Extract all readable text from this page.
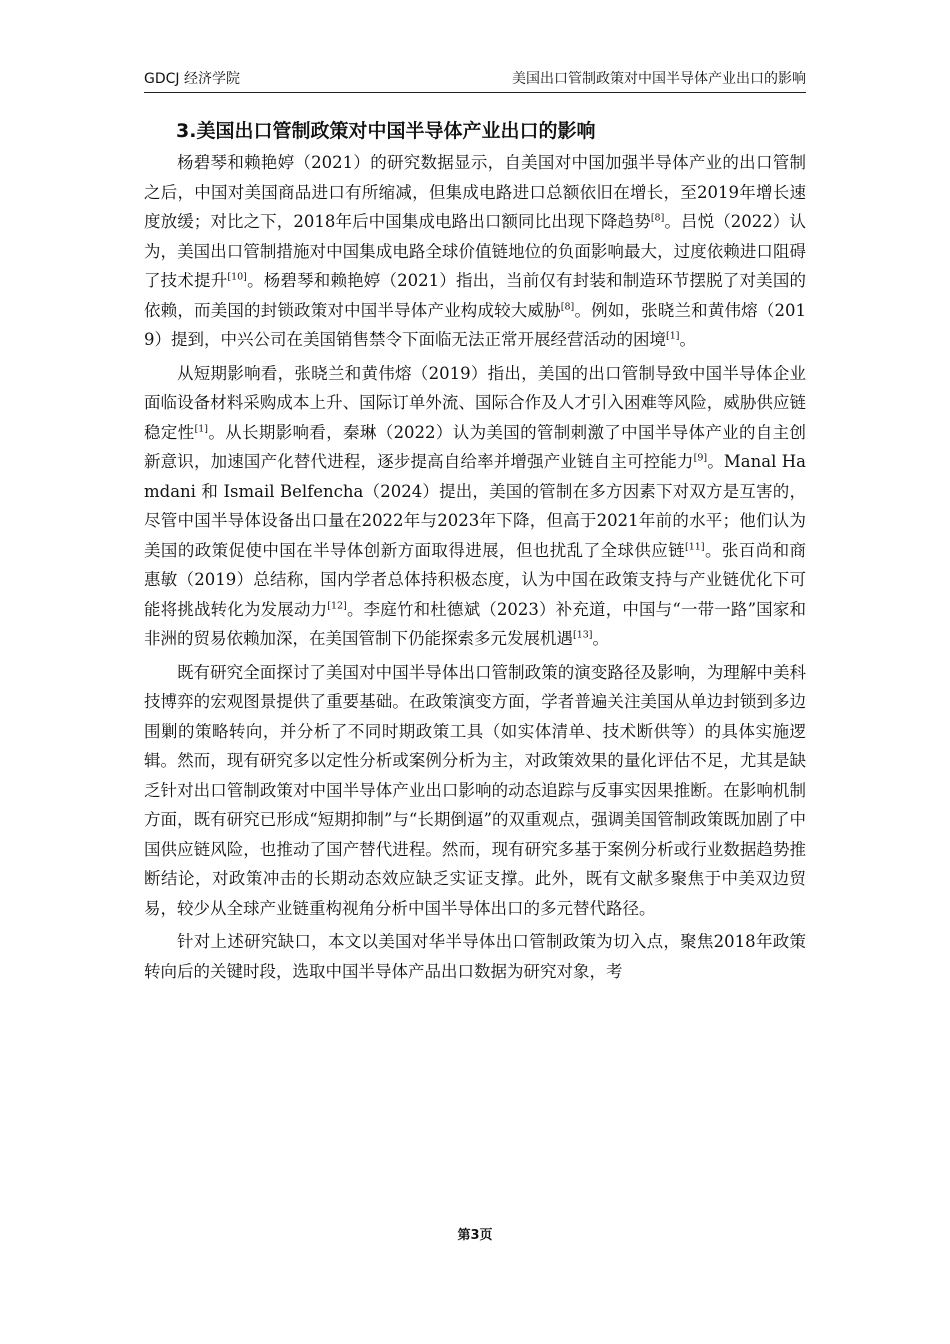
GDCJ 经济学院	美国出口管制政策对中国半导体产业出口的影响
3.美国出口管制政策对中国半导体产业出口的影响

杨碧琴和赖艳婷（2021）的研究数据显示，自美国对中国加强半导体产业的出口管制之后，中国对美国商品进口有所缩减，但集成电路进口总额依旧在增长，至2019年增长速度放缓；对比之下，2018年后中国集成电路出口额同比出现下降趋势[8]。吕悦（2022）认为，美国出口管制措施对中国集成电路全球价值链地位的负面影响最大，过度依赖进口阻碍了技术提升[10]。杨碧琴和赖艳婷（2021）指出，当前仅有封装和制造环节摆脱了对美国的依赖，而美国的封锁政策对中国半导体产业构成较大威胁[8]。例如，张晓兰和黄伟熔（2019）提到，中兴公司在美国销售禁令下面临无法正常开展经营活动的困境[1]。

从短期影响看，张晓兰和黄伟熔（2019）指出，美国的出口管制导致中国半导体企业面临设备材料采购成本上升、国际订单外流、国际合作及人才引入困难等风险，威胁供应链稳定性[1]。从长期影响看，秦琳（2022）认为美国的管制刺激了中国半导体产业的自主创新意识，加速国产化替代进程，逐步提高自给率并增强产业链自主可控能力[9]。Manal Hamdani 和 Ismail Belfencha（2024）提出，美国的管制在多方因素下对双方是互害的，尽管中国半导体设备出口量在2022年与2023年下降，但高于2021年前的水平；他们认为美国的政策促使中国在半导体创新方面取得进展，但也扰乱了全球供应链[11]。张百尚和商惠敏（2019）总结称，国内学者总体持积极态度，认为中国在政策支持与产业链优化下可能将挑战转化为发展动力[12]。李庭竹和杜德斌（2023）补充道，中国与“一带一路”国家和非洲的贸易依赖加深，在美国管制下仍能探索多元发展机遇[13]。

既有研究全面探讨了美国对中国半导体出口管制政策的演变路径及影响，为理解中美科技博弈的宏观图景提供了重要基础。在政策演变方面，学者普遍关注美国从单边封锁到多边围剿的策略转向，并分析了不同时期政策工具（如实体清单、技术断供等）的具体实施逻辑。然而，现有研究多以定性分析或案例分析为主，对政策效果的量化评估不足，尤其是缺乏针对出口管制政策对中国半导体产业出口影响的动态追踪与反事实因果推断。在影响机制方面，既有研究已形成“短期抑制”与“长期倒逼”的双重观点，强调美国管制政策既加剧了中国供应链风险，也推动了国产替代进程。然而，现有研究多基于案例分析或行业数据趋势推断结论，对政策冲击的长期动态效应缺乏实证支撑。此外，既有文献多聚焦于中美双边贸易，较少从全球产业链重构视角分析中国半导体出口的多元替代路径。

针对上述研究缺口，本文以美国对华半导体出口管制政策为切入点，聚焦2018年政策转向后的关键时段，选取中国半导体产品出口数据为研究对象，考

第3页
